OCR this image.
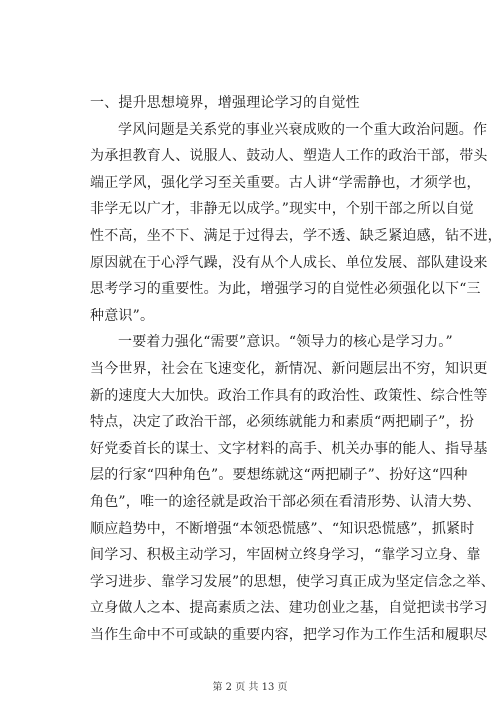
一、提升思想境界，增强理论学习的自觉性
学风问题是关系党的事业兴衰成败的一个重大政治问题。作
为承担教育人、说服人、鼓动人、塑造人工作的政治干部，带头
端正学风，强化学习至关重要。古人讲“学需静也，才须学也，
非学无以广才，非静无以成学。”现实中，个别干部之所以自觉
性不高，坐不下、满足于过得去，学不透、缺乏紧迫感，钻不进，
原因就在于心浮气躁，没有从个人成长、单位发展、部队建设来
思考学习的重要性。为此，增强学习的自觉性必须强化以下“三
种意识”。
一要着力强化“需要”意识。“领导力的核心是学习力。”
当今世界，社会在飞速变化，新情况、新问题层出不穷，知识更
新的速度大大加快。政治工作具有的政治性、政策性、综合性等
特点，决定了政治干部，必须练就能力和素质“两把刷子”，扮
好党委首长的谋士、文字材料的高手、机关办事的能人、指导基
层的行家“四种角色”。要想练就这“两把刷子”、扮好这“四种
角色”，唯一的途径就是政治干部必须在看清形势、认清大势、
顺应趋势中，不断增强“本领恐慌感”、“知识恐慌感”，抓紧时
间学习、积极主动学习，牢固树立终身学习，“靠学习立身、靠
学习进步、靠学习发展”的思想，使学习真正成为坚定信念之举、
立身做人之本、提高素质之法、建功创业之基，自觉把读书学习
当作生命中不可或缺的重要内容，把学习作为工作生活和履职尽
第 2 页 共 13 页
